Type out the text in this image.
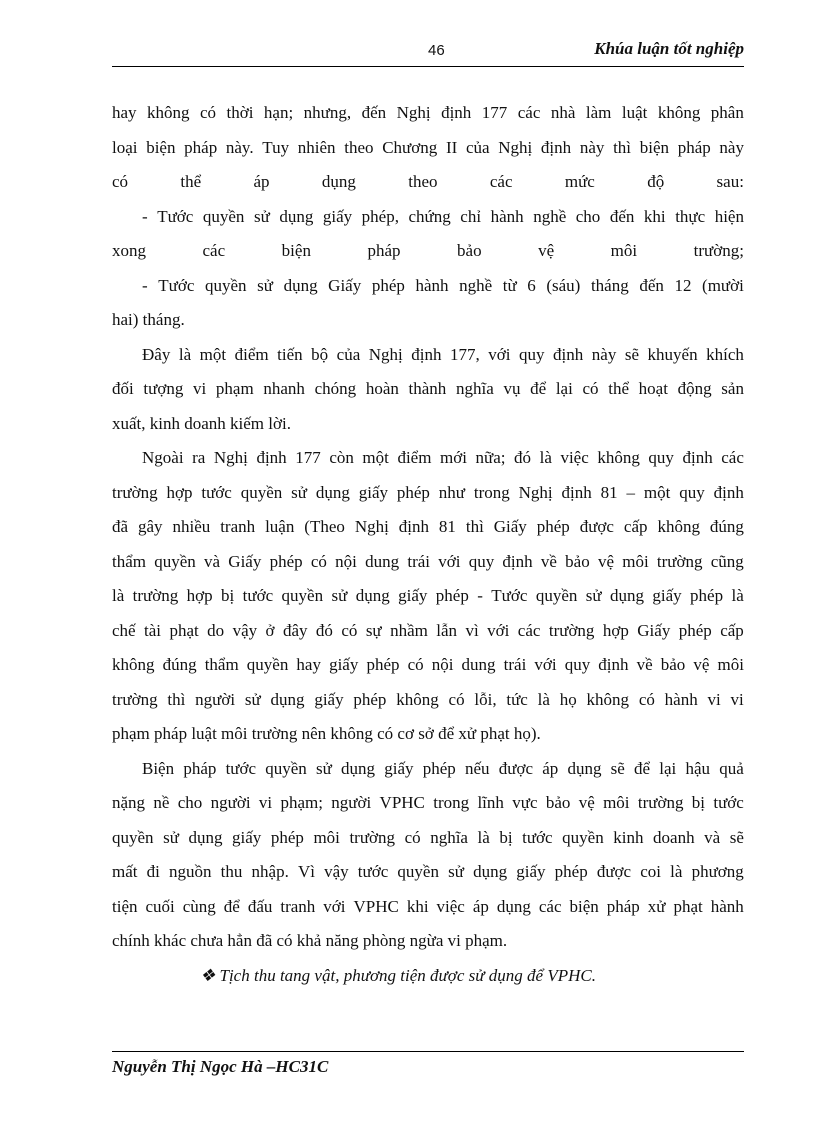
46	Khúa luận tốt nghiệp
hay không có thời hạn; nhưng, đến Nghị định 177 các nhà làm luật không phân
loại biện pháp này. Tuy nhiên theo Chương II của Nghị định này thì biện pháp này
có	thể	áp	dụng	theo	các	mức	độ	sau:
- Tước quyền sử dụng giấy phép, chứng chỉ hành nghề cho đến khi thực hiện
xong	các	biện	pháp	bảo	vệ	môi	trường;
- Tước quyền sử dụng Giấy phép hành nghề từ 6 (sáu) tháng đến 12 (mười
hai) tháng.
Đây là một điểm tiến bộ của Nghị định 177, với quy định này sẽ khuyến khích
đối tượng vi phạm nhanh chóng hoàn thành nghĩa vụ để lại có thể hoạt động sản
xuất, kinh doanh kiếm lời.
Ngoài ra Nghị định 177 còn một điểm mới nữa; đó là việc không quy định các
trường hợp tước quyền sử dụng giấy phép như trong Nghị định 81 – một quy định
đã gây nhiều tranh luận (Theo Nghị định 81 thì Giấy phép được cấp không đúng
thẩm quyền và Giấy phép có nội dung trái với quy định về bảo vệ môi trường cũng
là trường hợp bị tước quyền sử dụng giấy phép - Tước quyền sử dụng giấy phép là
chế tài phạt do vậy ở đây đó có sự nhầm lẫn vì với các trường hợp Giấy phép cấp
không đúng thẩm quyền hay giấy phép có nội dung trái với quy định về bảo vệ môi
trường thì người sử dụng giấy phép không có lỗi, tức là họ không có hành vi vi
phạm pháp luật môi trường nên không có cơ sở để xử phạt họ).
Biện pháp tước quyền sử dụng giấy phép nếu được áp dụng sẽ để lại hậu quả
nặng nề cho người vi phạm; người VPHC trong lĩnh vực bảo vệ môi trường bị tước
quyền sử dụng giấy phép môi trường có nghĩa là bị tước quyền kinh doanh và sẽ
mất đi nguồn thu nhập. Vì vậy tước quyền sử dụng giấy phép được coi là phương
tiện cuối cùng để đấu tranh với VPHC khi việc áp dụng các biện pháp xử phạt hành
chính khác chưa hẳn đã có khả năng phòng ngừa vi phạm.
❖ Tịch thu tang vật, phương tiện được sử dụng để VPHC.
Nguyễn Thị Ngọc Hà –HC31C
